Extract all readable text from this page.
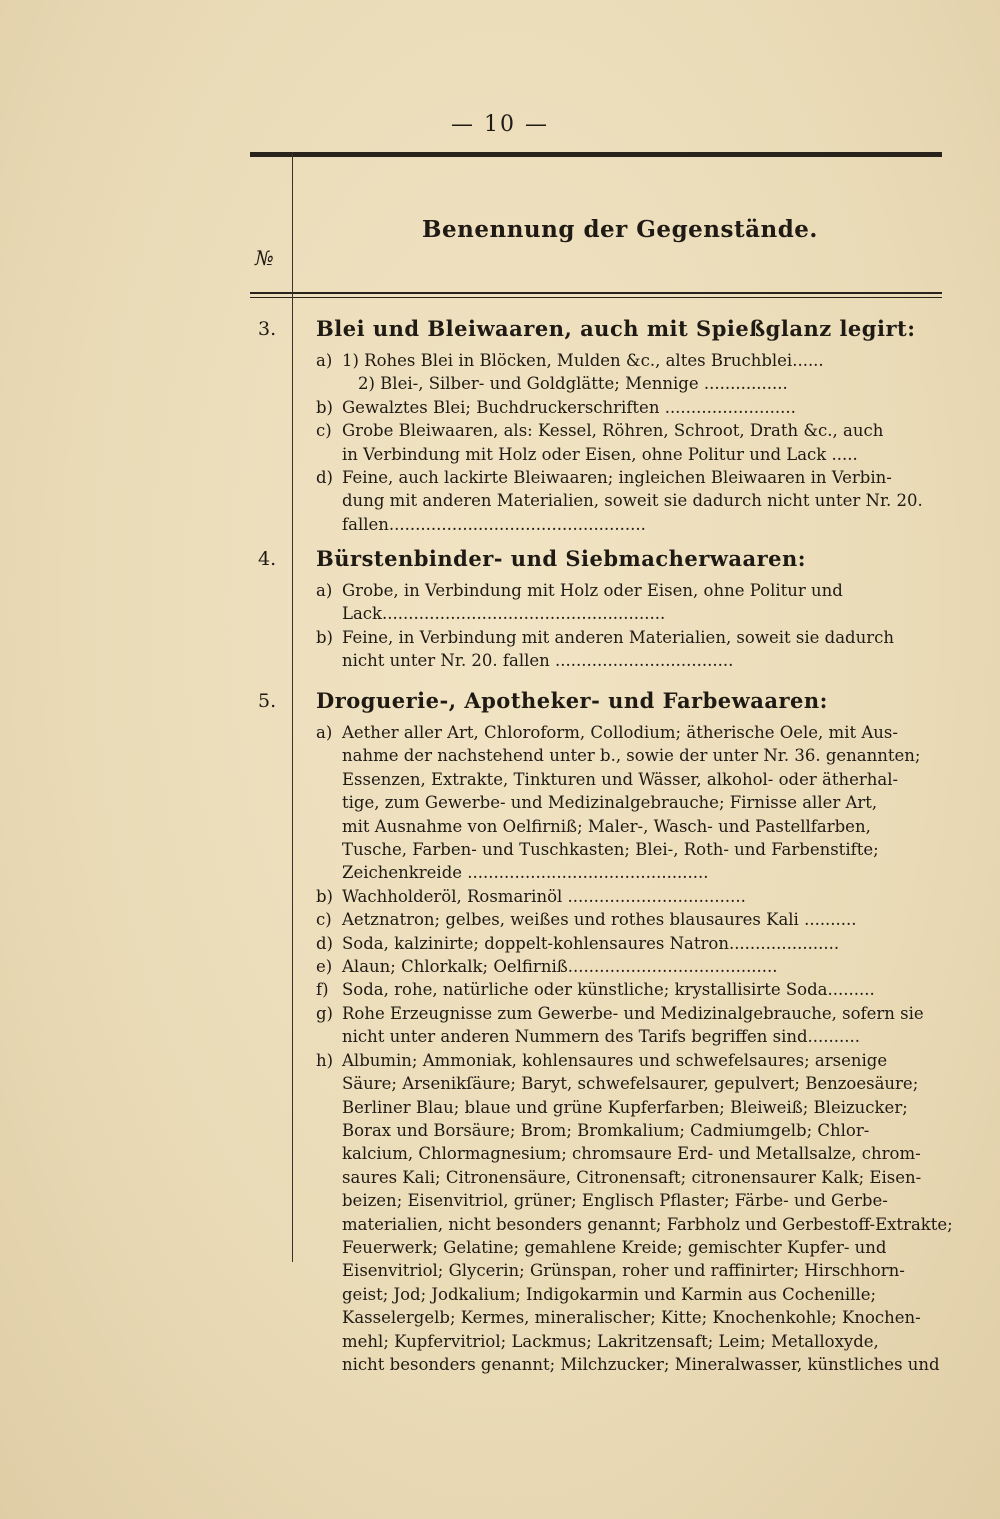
— 10 —
№
Benennung der Gegenstände.
3. Blei und Bleiwaaren, auch mit Spießglanz legirt:
a) 1) Rohes Blei in Blöcken, Mulden &c., altes Bruchblei......
2) Blei-, Silber- und Goldglätte; Mennige ................
b) Gewalztes Blei; Buchdruckerschriften .........................
c) Grobe Bleiwaaren, als: Kessel, Röhren, Schroot, Drath &c., auch
in Verbindung mit Holz oder Eisen, ohne Politur und Lack .....
d) Feine, auch lackirte Bleiwaaren; ingleichen Bleiwaaren in Verbin-
dung mit anderen Materialien, soweit sie dadurch nicht unter Nr. 20.
fallen.................................................
4. Bürstenbinder- und Siebmacherwaaren:
a) Grobe, in Verbindung mit Holz oder Eisen, ohne Politur und
Lack......................................................
b) Feine, in Verbindung mit anderen Materialien, soweit sie dadurch
nicht unter Nr. 20. fallen ..................................
5. Droguerie-, Apotheker- und Farbewaaren:
a) Aether aller Art, Chloroform, Collodium; ätherische Oele, mit Aus-
nahme der nachstehend unter b., sowie der unter Nr. 36. genannten;
Essenzen, Extrakte, Tinkturen und Wässer, alkohol- oder ätherhal-
tige, zum Gewerbe- und Medizinalgebrauche; Firnisse aller Art,
mit Ausnahme von Oelfirniß; Maler-, Wasch- und Pastellfarben,
Tusche, Farben- und Tuschkasten; Blei-, Roth- und Farbenstifte;
Zeichenkreide ..............................................
b) Wachholderöl, Rosmarinöl ..................................
c) Aetznatron; gelbes, weißes und rothes blausaures Kali ..........
d) Soda, kalzinirte; doppelt-kohlensaures Natron.....................
e) Alaun; Chlorkalk; Oelfirniß........................................
f) Soda, rohe, natürliche oder künstliche; krystallisirte Soda.........
g) Rohe Erzeugnisse zum Gewerbe- und Medizinalgebrauche, sofern sie
nicht unter anderen Nummern des Tarifs begriffen sind..........
h) Albumin; Ammoniak, kohlensaures und schwefelsaures; arsenige
Säure; Arsenikſäure; Baryt, schwefelsaurer, gepulvert; Benzoesäure;
Berliner Blau; blaue und grüne Kupferfarben; Bleiweiß; Bleizucker;
Borax und Borsäure; Brom; Bromkalium; Cadmiumgelb; Chlor-
kalcium, Chlormagnesium; chromsaure Erd- und Metallsalze, chrom-
saures Kali; Citronensäure, Citronensaft; citronensaurer Kalk; Eisen-
beizen; Eisenvitriol, grüner; Englisch Pflaster; Färbe- und Gerbe-
materialien, nicht besonders genannt; Farbholz und Gerbestoff-Extrakte;
Feuerwerk; Gelatine; gemahlene Kreide; gemischter Kupfer- und
Eisenvitriol; Glycerin; Grünspan, roher und raffinirter; Hirschhorn-
geist; Jod; Jodkalium; Indigokarmin und Karmin aus Cochenille;
Kasselergelb; Kermes, mineralischer; Kitte; Knochenkohle; Knochen-
mehl; Kupfervitriol; Lackmus; Lakritzensaft; Leim; Metalloxyde,
nicht besonders genannt; Milchzucker; Mineralwasser, künstliches und
